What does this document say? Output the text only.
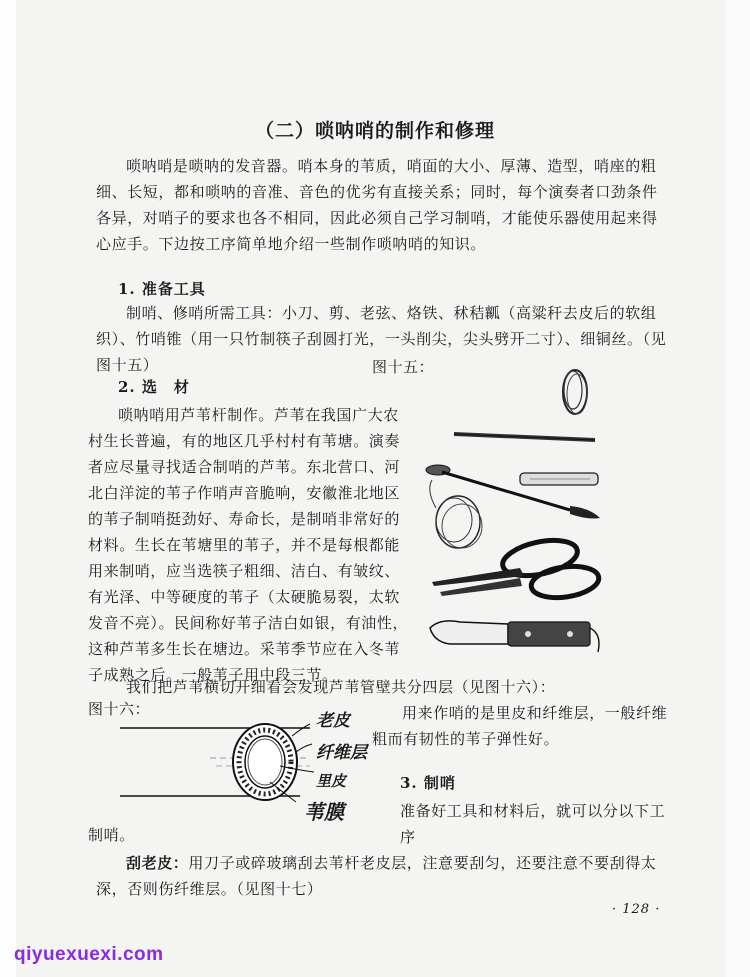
（二）唢呐哨的制作和修理
唢呐哨是唢呐的发音器。哨本身的苇质，哨面的大小、厚薄、造型，哨座的粗细、长短，都和唢呐的音准、音色的优劣有直接关系；同时，每个演奏者口劲条件各异，对哨子的要求也各不相同，因此必须自己学习制哨，才能使乐器使用起来得心应手。下边按工序简单地介绍一些制作唢呐哨的知识。
1. 准备工具
制哨、修哨所需工具：小刀、剪、老弦、烙铁、秫秸瓤（高粱秆去皮后的软组织）、竹哨锥（用一只竹制筷子刮圆打光，一头削尖，尖头劈开二寸）、细铜丝。（见图十五）	图十五：
2. 选　材
唢呐哨用芦苇杆制作。芦苇在我国广大农村生长普遍，有的地区几乎村村有苇塘。演奏者应尽量寻找适合制哨的芦苇。东北营口、河北白洋淀的苇子作哨声音脆响，安徽淮北地区的苇子制哨挺劲好、寿命长，是制哨非常好的材料。生长在苇塘里的苇子，并不是每根都能用来制哨，应当选筷子粗细、洁白、有皱纹、有光泽、中等硬度的苇子（太硬脆易裂，太软发音不亮）。民间称好苇子洁白如银，有油性，这种芦苇多生长在塘边。采苇季节应在入冬苇子成熟之后。一般苇子用中段三节。
我们把芦苇横切开细看会发现芦苇管壁共分四层（见图十六）：
图十六：
老皮
纤维层
里皮
苇膜
用来作哨的是里皮和纤维层，一般纤维粗而有韧性的苇子弹性好。
3. 制哨
准备好工具和材料后，就可以分以下工序
制哨。
刮老皮：用刀子或碎玻璃刮去苇杆老皮层，注意要刮匀，还要注意不要刮得太深，否则伤纤维层。（见图十七）
· 128 ·
qiyuexuexi.com
